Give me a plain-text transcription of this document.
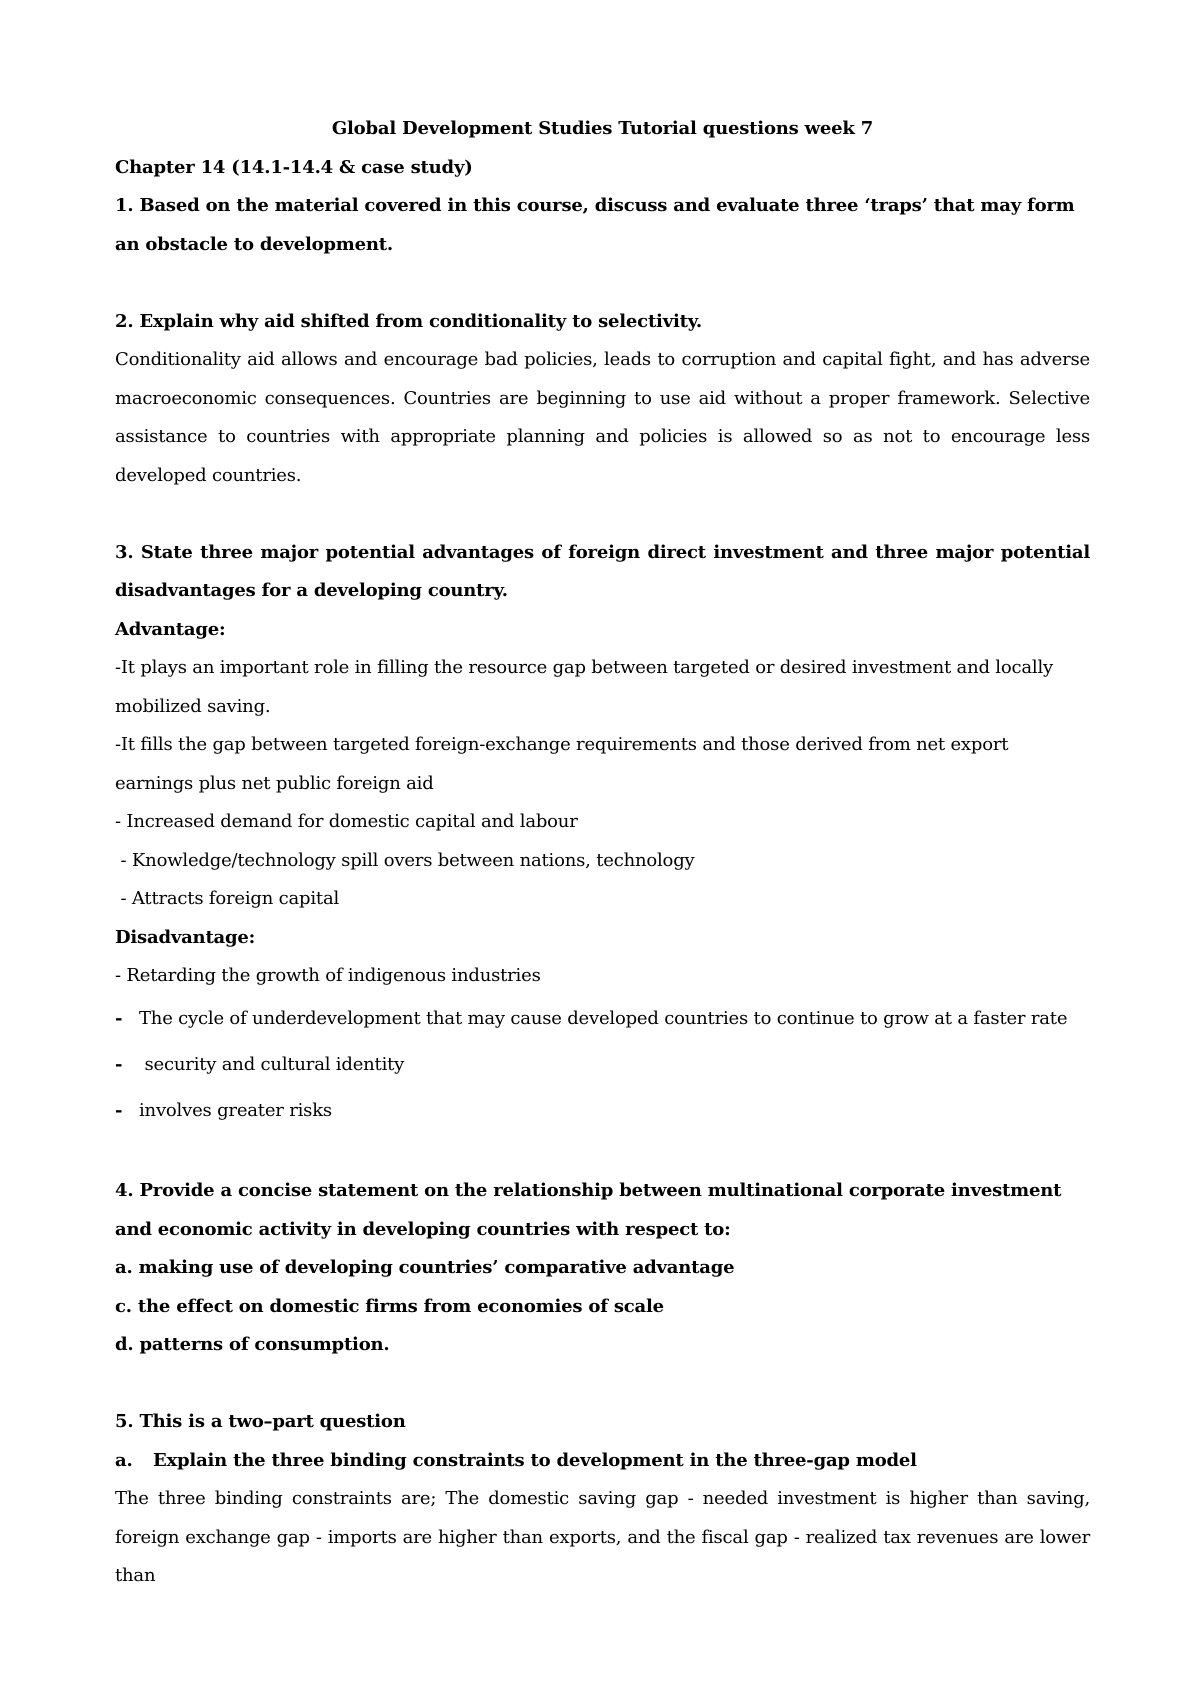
Global Development Studies Tutorial questions week 7

Chapter 14 (14.1-14.4 & case study)

1. Based on the material covered in this course, discuss and evaluate three ‘traps’ that may form an obstacle to development.

2. Explain why aid shifted from conditionality to selectivity.

Conditionality aid allows and encourage bad policies, leads to corruption and capital fight, and has adverse macroeconomic consequences. Countries are beginning to use aid without a proper framework. Selective assistance to countries with appropriate planning and policies is allowed so as not to encourage less developed countries.

3. State three major potential advantages of foreign direct investment and three major potential disadvantages for a developing country.

Advantage:

-It plays an important role in filling the resource gap between targeted or desired investment and locally mobilized saving.

-It fills the gap between targeted foreign-exchange requirements and those derived from net export earnings plus net public foreign aid

- Increased demand for domestic capital and labour

- Knowledge/technology spill overs between nations, technology

- Attracts foreign capital

Disadvantage:

- Retarding the growth of indigenous industries

- The cycle of underdevelopment that may cause developed countries to continue to grow at a faster rate
- security and cultural identity
- involves greater risks

4. Provide a concise statement on the relationship between multinational corporate investment and economic activity in developing countries with respect to:

a. making use of developing countries’ comparative advantage

c. the effect on domestic firms from economies of scale

d. patterns of consumption.

5. This is a two–part question

a.	Explain the three binding constraints to development in the three-gap model

The three binding constraints are; The domestic saving gap - needed investment is higher than saving, foreign exchange gap - imports are higher than exports, and the fiscal gap - realized tax revenues are lower than
